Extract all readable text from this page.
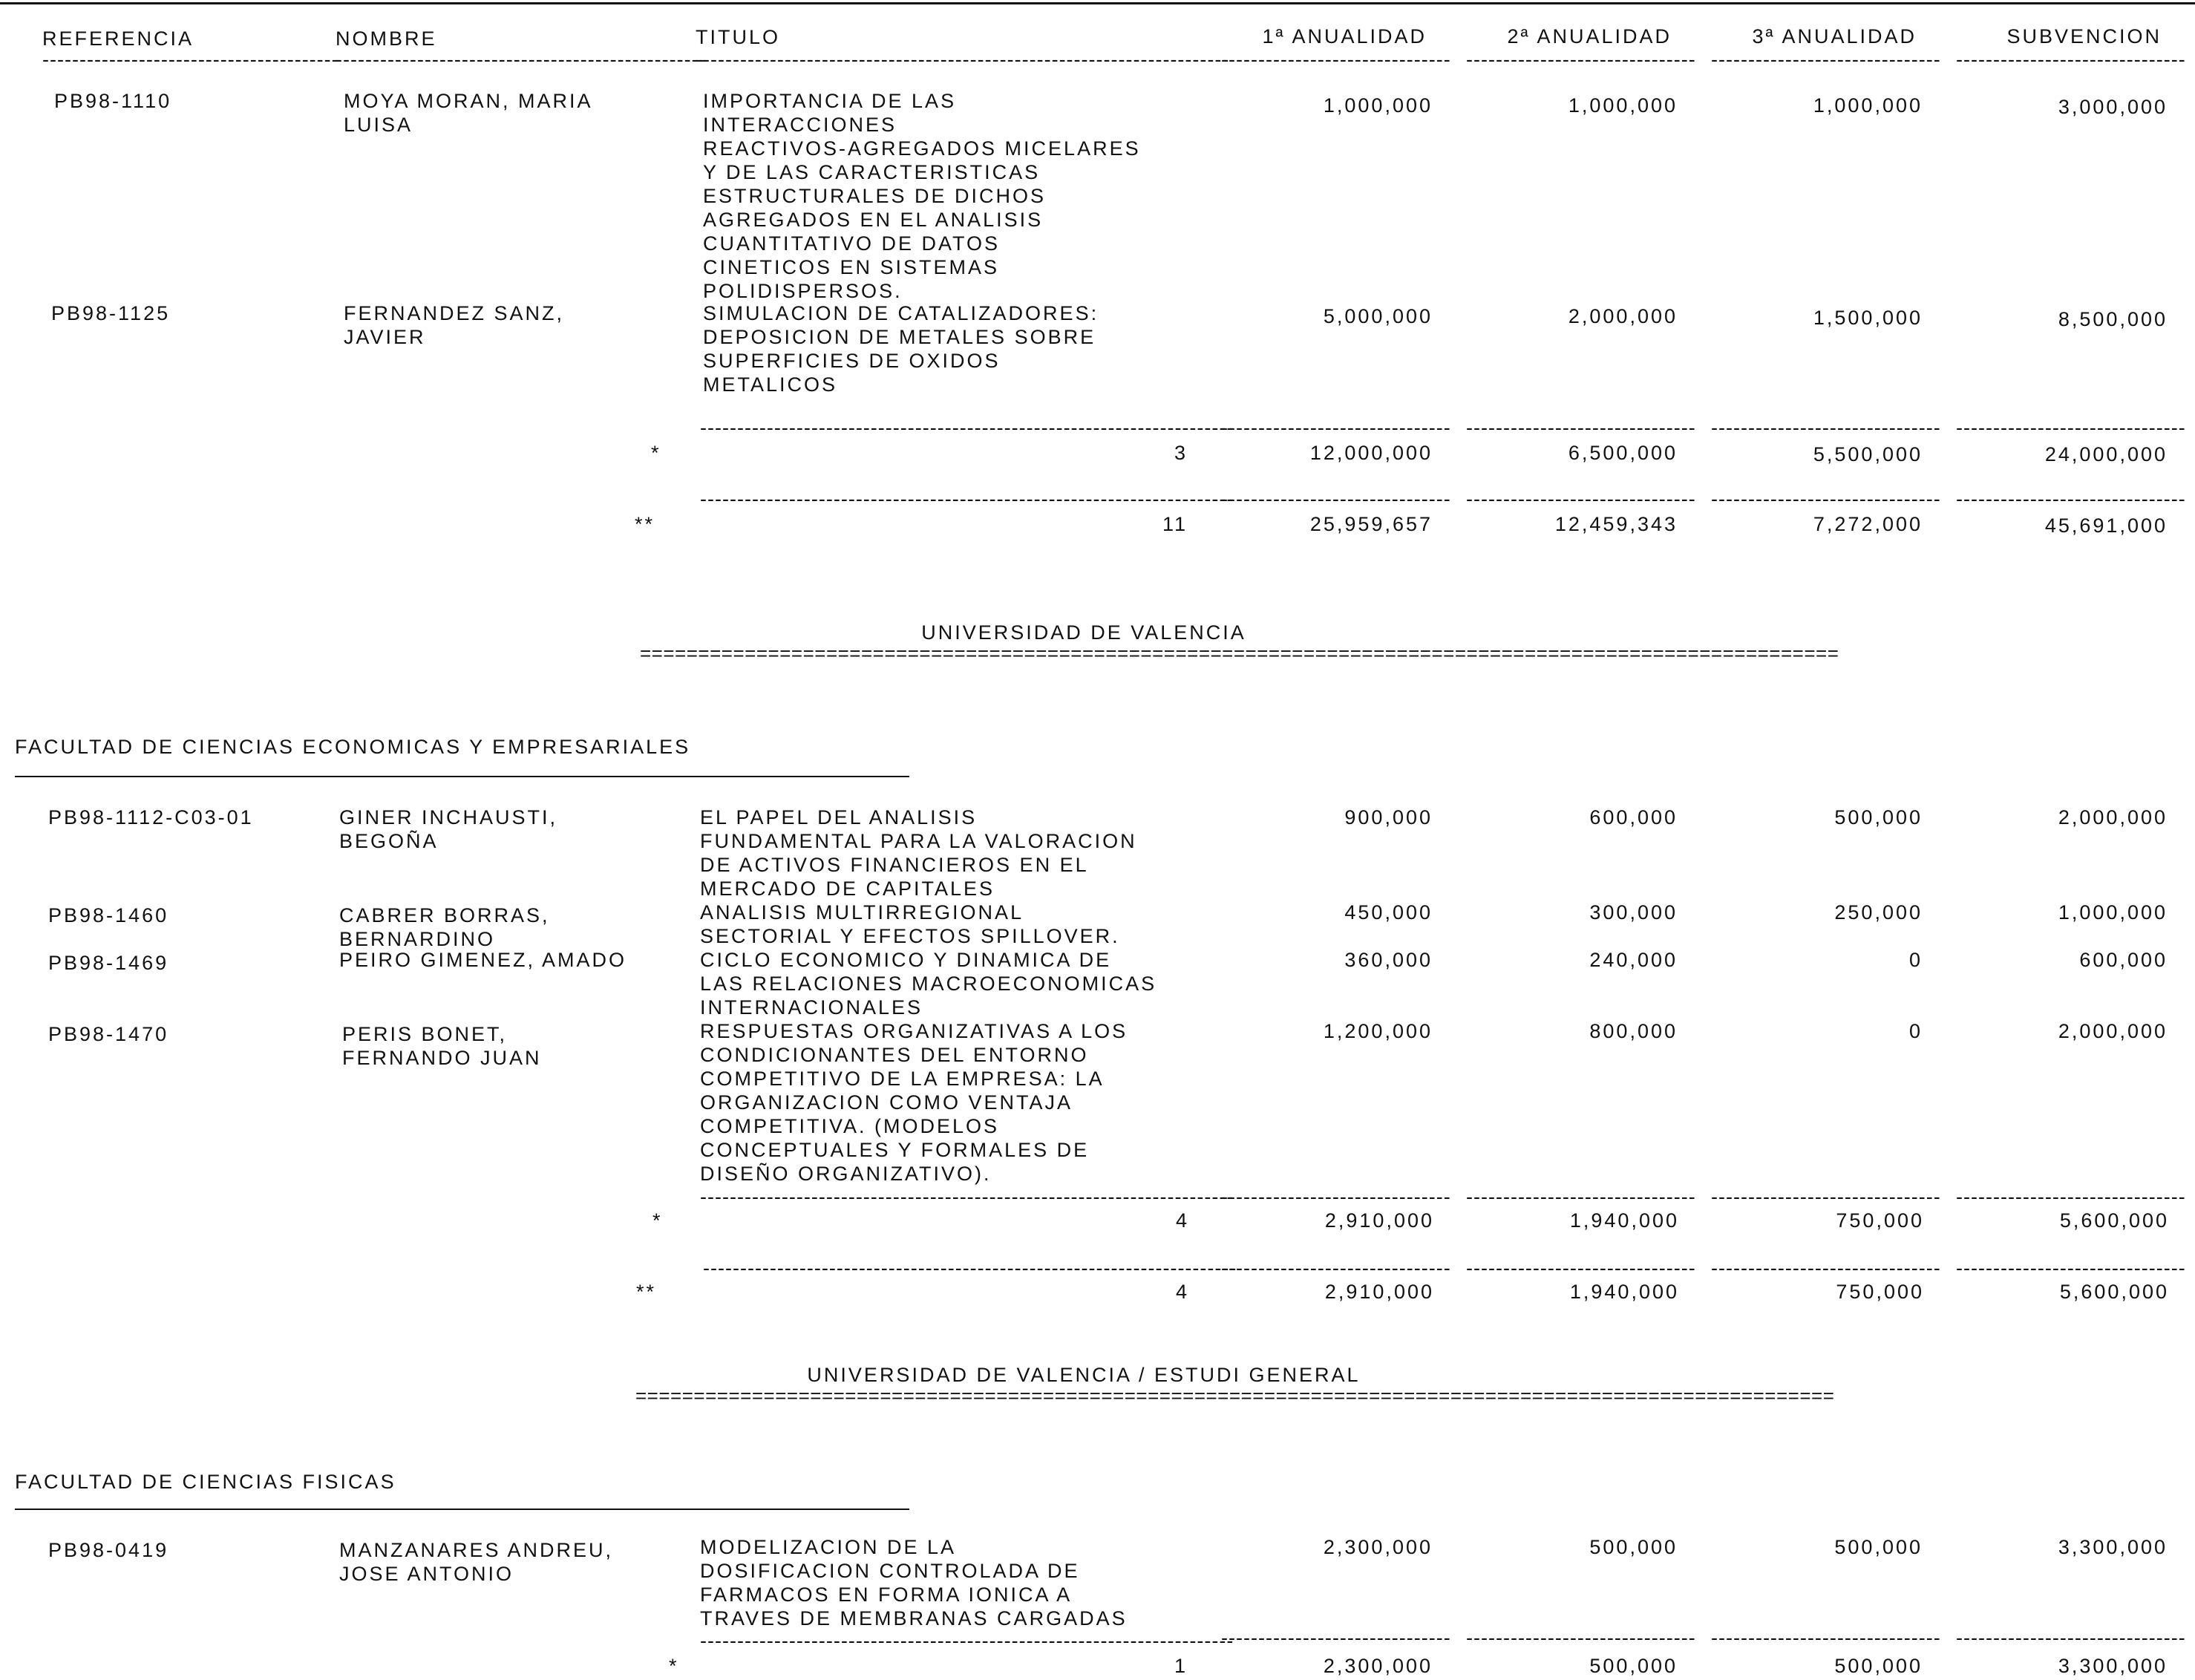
REFERENCIA	NOMBRE	TITULO	1ª ANUALIDAD	2ª ANUALIDAD	3ª ANUALIDAD	SUBVENCION
----------------------------------------
--------------------------------------------------
------------------------------------------------------------------------
------------------------------- ------------------------------- ------------------------------- -------------------------------
PB98-1110	MOYA MORAN, MARIA
LUISA
IMPORTANCIA DE LAS
INTERACCIONES
REACTIVOS-AGREGADOS MICELARES
Y DE LAS CARACTERISTICAS
ESTRUCTURALES DE DICHOS
AGREGADOS EN EL ANALISIS
CUANTITATIVO DE DATOS
CINETICOS EN SISTEMAS
POLIDISPERSOS.
1,000,000	1,000,000	1,000,000	3,000,000
PB98-1125	FERNANDEZ SANZ,
JAVIER
SIMULACION DE CATALIZADORES:
DEPOSICION DE METALES SOBRE
SUPERFICIES DE OXIDOS
METALICOS
5,000,000	2,000,000	1,500,000	8,500,000
------------------------------------------------------------------------
------------------------------- ------------------------------- ------------------------------- -------------------------------
*	3	12,000,000	6,500,000	5,500,000	24,000,000
------------------------------------------------------------------------
------------------------------- ------------------------------- ------------------------------- -------------------------------
**	11	25,959,657	12,459,343	7,272,000	45,691,000
UNIVERSIDAD DE VALENCIA
=======================================================================================================
FACULTAD DE CIENCIAS ECONOMICAS Y EMPRESARIALES
PB98-1112-C03-01	GINER INCHAUSTI,
BEGOÑA
EL PAPEL DEL ANALISIS
FUNDAMENTAL PARA LA VALORACION
DE ACTIVOS FINANCIEROS EN EL
MERCADO DE CAPITALES
900,000	600,000	500,000	2,000,000
PB98-1460	CABRER BORRAS,
BERNARDINO
ANALISIS MULTIRREGIONAL
SECTORIAL Y EFECTOS SPILLOVER.
450,000	300,000	250,000	1,000,000
PB98-1469	PEIRO GIMENEZ, AMADO	CICLO ECONOMICO Y DINAMICA DE
LAS RELACIONES MACROECONOMICAS
INTERNACIONALES
360,000	240,000	0	600,000
PB98-1470	PERIS BONET,
FERNANDO JUAN
RESPUESTAS ORGANIZATIVAS A LOS
CONDICIONANTES DEL ENTORNO
COMPETITIVO DE LA EMPRESA: LA
ORGANIZACION COMO VENTAJA
COMPETITIVA. (MODELOS
CONCEPTUALES Y FORMALES DE
DISEÑO ORGANIZATIVO).
1,200,000	800,000	0	2,000,000
------------------------------------------------------------------------
------------------------------- ------------------------------- ------------------------------- -------------------------------
*	4	2,910,000	1,940,000	750,000	5,600,000
------------------------------------------------------------------------
------------------------------- ------------------------------- ------------------------------- -------------------------------
**	4	2,910,000	1,940,000	750,000	5,600,000
UNIVERSIDAD DE VALENCIA / ESTUDI GENERAL
=======================================================================================================
FACULTAD DE CIENCIAS FISICAS
PB98-0419	MANZANARES ANDREU,
JOSE ANTONIO
MODELIZACION DE LA
DOSIFICACION CONTROLADA DE
FARMACOS EN FORMA IONICA A
TRAVES DE MEMBRANAS CARGADAS
2,300,000	500,000	500,000	3,300,000
------------------------------------------------------------------------
------------------------------- ------------------------------- ------------------------------- -------------------------------
*	1	2,300,000	500,000	500,000	3,300,000
